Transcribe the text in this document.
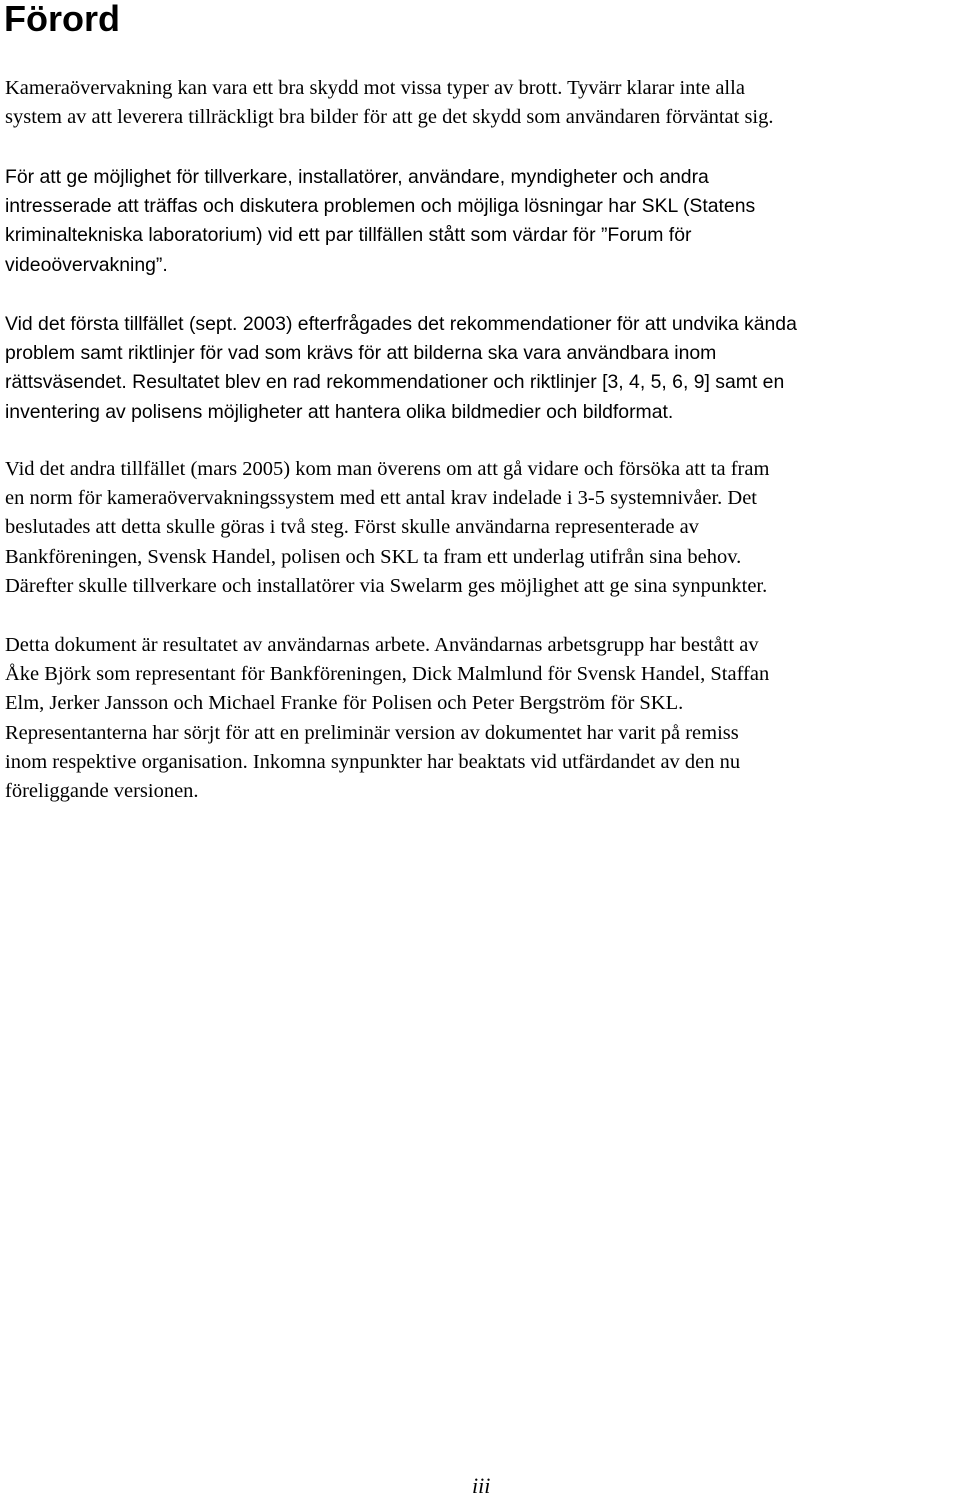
Förord

Kameraövervakning kan vara ett bra skydd mot vissa typer av brott. Tyvärr klarar inte alla
system av att leverera tillräckligt bra bilder för att ge det skydd som användaren förväntat sig.

För att ge möjlighet för tillverkare, installatörer, användare, myndigheter och andra
intresserade att träffas och diskutera problemen och möjliga lösningar har SKL (Statens
kriminaltekniska laboratorium) vid ett par tillfällen stått som värdar för ”Forum för
videoövervakning”.

Vid det första tillfället (sept. 2003) efterfrågades det rekommendationer för att undvika kända
problem samt riktlinjer för vad som krävs för att bilderna ska vara användbara inom
rättsväsendet. Resultatet blev en rad rekommendationer och riktlinjer [3, 4, 5, 6, 9] samt en
inventering av polisens möjligheter att hantera olika bildmedier och bildformat.

Vid det andra tillfället (mars 2005) kom man överens om att gå vidare och försöka att ta fram
en norm för kameraövervakningssystem med ett antal krav indelade i 3-5 systemnivåer. Det
beslutades att detta skulle göras i två steg. Först skulle användarna representerade av
Bankföreningen, Svensk Handel, polisen och SKL ta fram ett underlag utifrån sina behov.
Därefter skulle tillverkare och installatörer via Swelarm ges möjlighet att ge sina synpunkter.

Detta dokument är resultatet av användarnas arbete. Användarnas arbetsgrupp har bestått av
Åke Björk som representant för Bankföreningen, Dick Malmlund för Svensk Handel, Staffan
Elm, Jerker Jansson och Michael Franke för Polisen och Peter Bergström för SKL.
Representanterna har sörjt för att en preliminär version av dokumentet har varit på remiss
inom respektive organisation. Inkomna synpunkter har beaktats vid utfärdandet av den nu
föreliggande versionen.

iii
